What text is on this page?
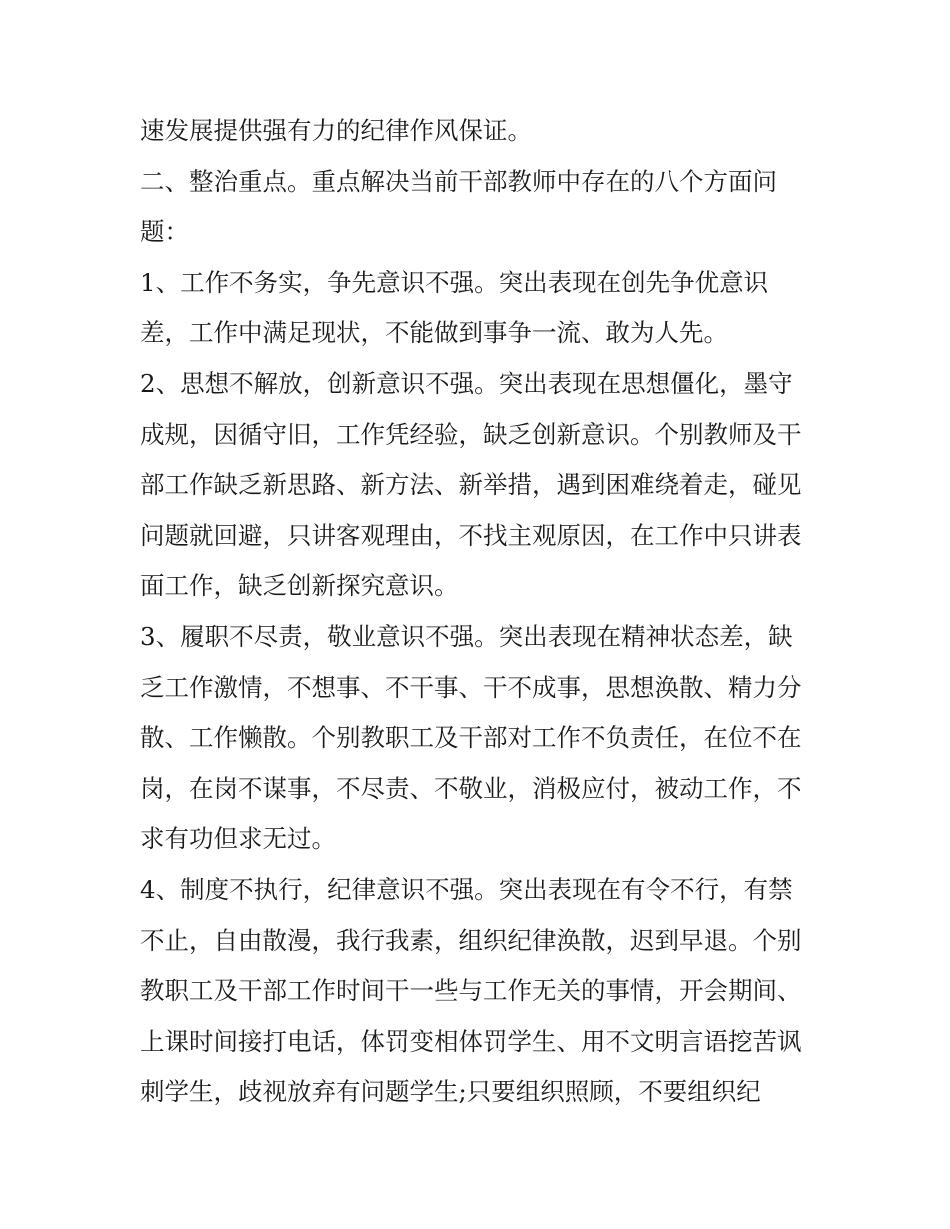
速发展提供强有力的纪律作风保证。
二、整治重点。重点解决当前干部教师中存在的八个方面问
题：
1、工作不务实，争先意识不强。突出表现在创先争优意识
差，工作中满足现状，不能做到事争一流、敢为人先。
2、思想不解放，创新意识不强。突出表现在思想僵化，墨守
成规，因循守旧，工作凭经验，缺乏创新意识。个别教师及干
部工作缺乏新思路、新方法、新举措，遇到困难绕着走，碰见
问题就回避，只讲客观理由，不找主观原因，在工作中只讲表
面工作，缺乏创新探究意识。
3、履职不尽责，敬业意识不强。突出表现在精神状态差，缺
乏工作激情，不想事、不干事、干不成事，思想涣散、精力分
散、工作懒散。个别教职工及干部对工作不负责任，在位不在
岗，在岗不谋事，不尽责、不敬业，消极应付，被动工作，不
求有功但求无过。
4、制度不执行，纪律意识不强。突出表现在有令不行，有禁
不止，自由散漫，我行我素，组织纪律涣散，迟到早退。个别
教职工及干部工作时间干一些与工作无关的事情，开会期间、
上课时间接打电话，体罚变相体罚学生、用不文明言语挖苦讽
刺学生，歧视放弃有问题学生;只要组织照顾，不要组织纪
